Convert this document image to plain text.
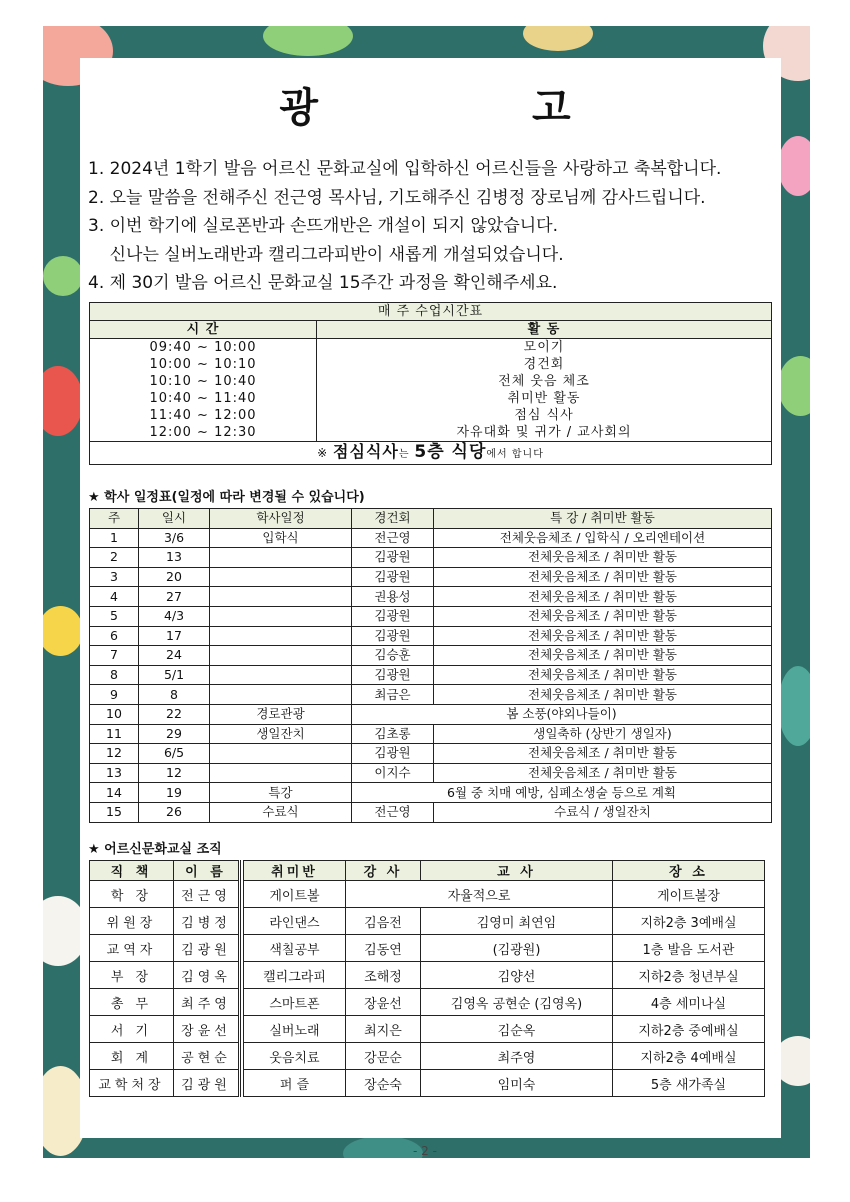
광 고
1. 2024년 1학기 발음 어르신 문화교실에 입학하신 어르신들을 사랑하고 축복합니다.
2. 오늘 말씀을 전해주신 전근영 목사님, 기도해주신 김병정 장로님께 감사드립니다.
3. 이번 학기에 실로폰반과 손뜨개반은 개설이 되지 않았습니다.
신나는 실버노래반과 캘리그라피반이 새롭게 개설되었습니다.
4. 제 30기 발음 어르신 문화교실 15주간 과정을 확인해주세요.
매 주 수업시간표	
시 간	활 동
09:40 ~ 10:00	모이기
10:00 ~ 10:10	경건회
10:10 ~ 10:40	전체 웃음 체조
10:40 ~ 11:40	취미반 활동
11:40 ~ 12:00	점심 식사
12:00 ~ 12:30	자유대화 및 귀가 / 교사회의
※ 점심식사는 5층 식당에서 합니다	
★ 학사 일정표(일정에 따라 변경될 수 있습니다)
주	일시	학사일정	경건회	특 강 / 취미반 활동
1	3/6	입학식	전근영	전체웃음체조 / 입학식 / 오리엔테이션
2	13		김광원	전체웃음체조 / 취미반 활동
3	20		김광원	전체웃음체조 / 취미반 활동
4	27		권용성	전체웃음체조 / 취미반 활동
5	4/3		김광원	전체웃음체조 / 취미반 활동
6	17		김광원	전체웃음체조 / 취미반 활동
7	24		김승훈	전체웃음체조 / 취미반 활동
8	5/1		김광원	전체웃음체조 / 취미반 활동
9	8		최금은	전체웃음체조 / 취미반 활동
10	22	경로관광	봄 소풍(야외나들이)	
11	29	생일잔치	김초롱	생일축하 (상반기 생일자)
12	6/5		김광원	전체웃음체조 / 취미반 활동
13	12		이지수	전체웃음체조 / 취미반 활동
14	19	특강	6월 중 치매 예방, 심폐소생술 등으로 계획	
15	26	수료식	전근영	수료식 / 생일잔치
★ 어르신문화교실 조직
직 책	이 름
학 장	전근영
위원장	김병정
교역자	김광원
부 장	김영옥
총 무	최주영
서 기	장윤선
회 계	공현순
교학처장	김광원
취미반	강 사	교 사	장 소
게이트볼	자율적으로		게이트볼장
라인댄스	김음전	김영미 최연임	지하2층 3예배실
색칠공부	김동연	(김광원)	1층 발음 도서관
캘리그라피	조해정	김양선	지하2층 청년부실
스마트폰	장윤선	김영옥 공현순 (김영옥)	4층 세미나실
실버노래	최지은	김순옥	지하2층 중예배실
웃음치료	강문순	최주영	지하2층 4예배실
퍼 즐	장순숙	임미숙	5층 새가족실
- 2 -
